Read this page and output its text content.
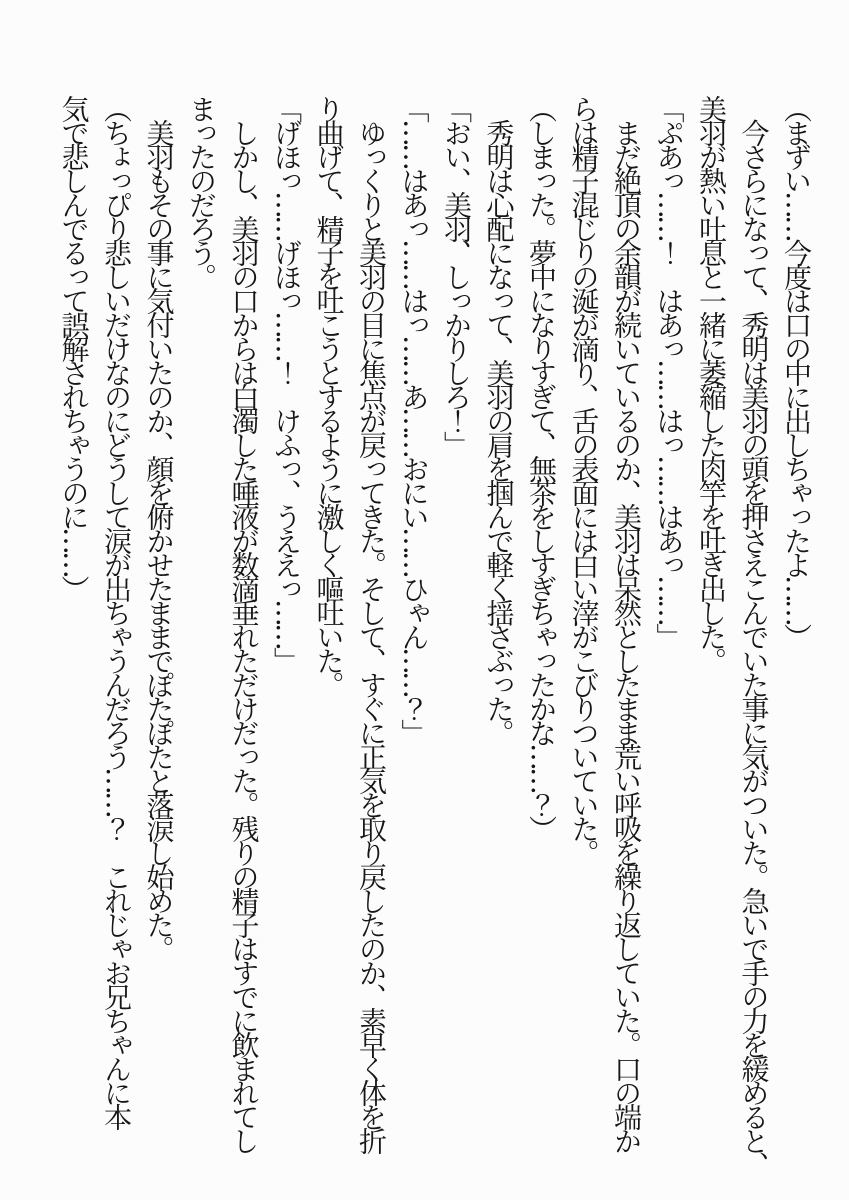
（まずい……今度は口の中に出しちゃったよ……）

　今さらになって、秀明は美羽の頭を押さえこんでいた事に気がついた。急いで手の力を緩めると、

美羽が熱い吐息と一緒に萎縮した肉竿を吐き出した。

「ぷあっ……！　はあっ……はっ……はあっ……」

　まだ絶頂の余韻が続いているのか、美羽は呆然としたまま荒い呼吸を繰り返していた。口の端か

らは精子混じりの涎が滴り、舌の表面には白い滓がこびりついていた。

（しまった。夢中になりすぎて、無茶をしすぎちゃったかな……？）

　秀明は心配になって、美羽の肩を掴んで軽く揺さぶった。

「おい、美羽、しっかりしろ！」

「……はあっ……はっ……あ……おにい……ひゃん……？」

　ゆっくりと美羽の目に焦点が戻ってきた。そして、すぐに正気を取り戻したのか、素早く体を折

り曲げて、精子を吐こうとするように激しく嘔吐いた。

「げほっ……げほっ……！　けふっ、うええっ……」

　しかし、美羽の口からは白濁した唾液が数滴垂れただけだった。残りの精子はすでに飲まれてし

まったのだろう。

　美羽もその事に気付いたのか、顔を俯かせたままでぽたぽたと落涙し始めた。

（ちょっぴり悲しいだけなのにどうして涙が出ちゃうんだろう……？　これじゃお兄ちゃんに本

気で悲しんでるって誤解されちゃうのに……）
